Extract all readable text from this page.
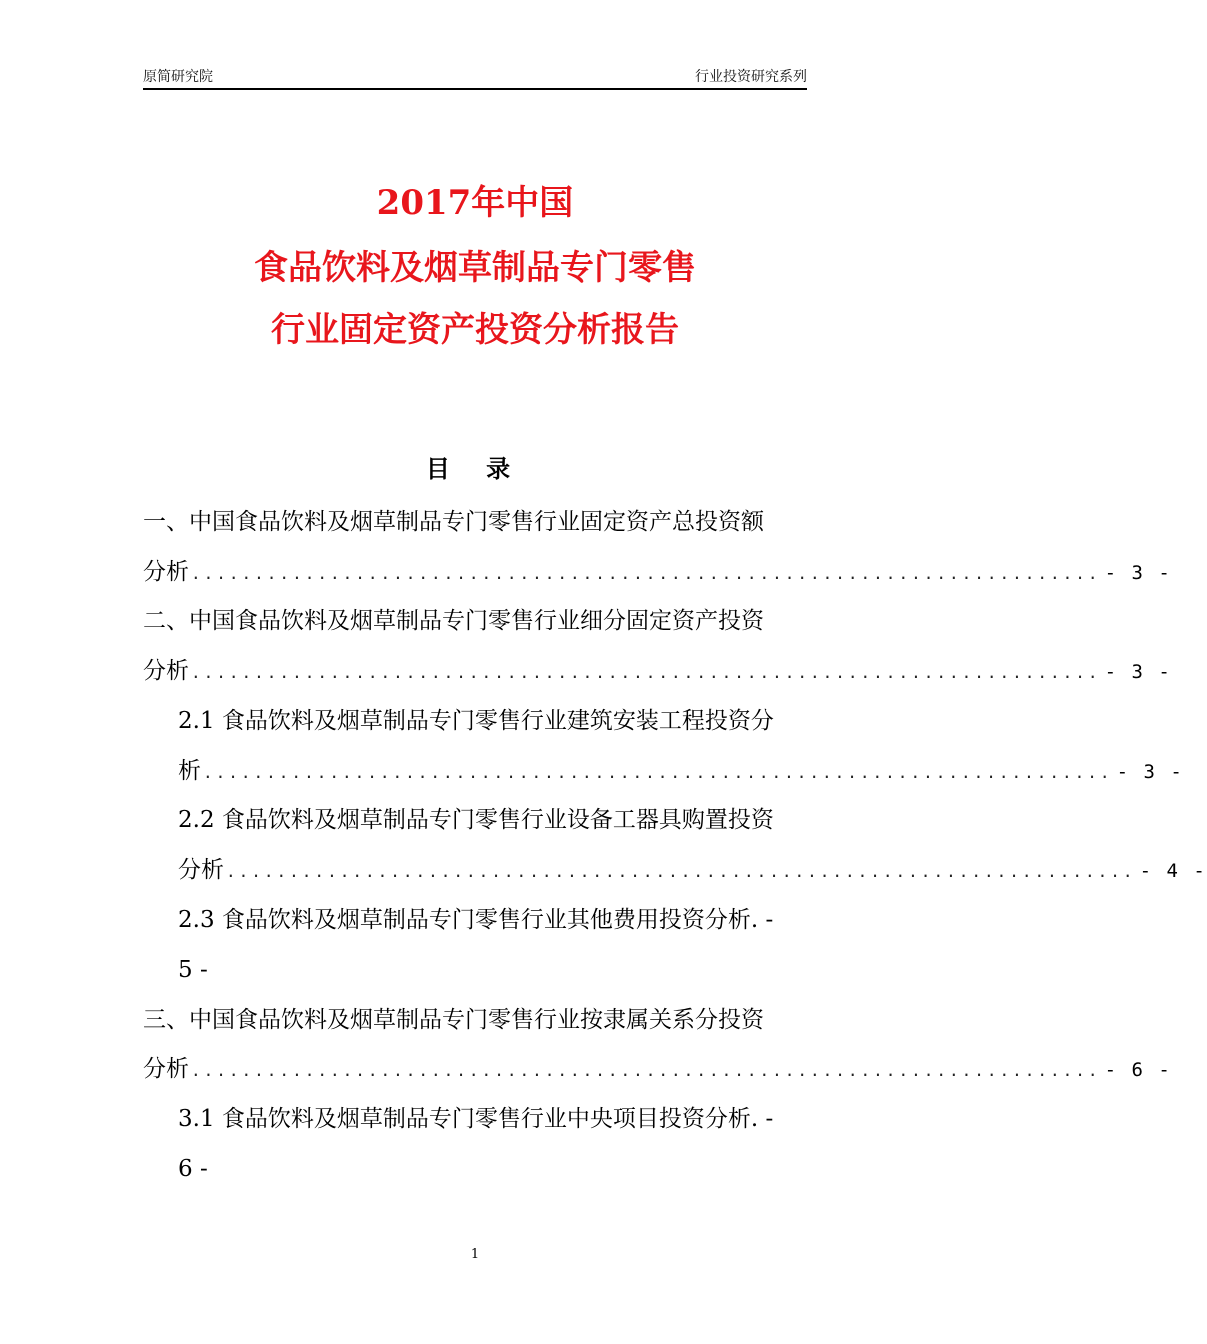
原简研究院	行业投资研究系列
2017年中国
食品饮料及烟草制品专门零售
行业固定资产投资分析报告
目 录
一、中国食品饮料及烟草制品专门零售行业固定资产总投资额
分析 ........................................................................ - 3 -
二、中国食品饮料及烟草制品专门零售行业细分固定资产投资
分析 ........................................................................ - 3 -
2.1 食品饮料及烟草制品专门零售行业建筑安装工程投资分
析 ........................................................................ - 3 -
2.2 食品饮料及烟草制品专门零售行业设备工器具购置投资
分析 ........................................................................ - 4 -
2.3 食品饮料及烟草制品专门零售行业其他费用投资分析. -
5 -
三、中国食品饮料及烟草制品专门零售行业按隶属关系分投资
分析 ........................................................................ - 6 -
3.1 食品饮料及烟草制品专门零售行业中央项目投资分析. -
6 -
1
